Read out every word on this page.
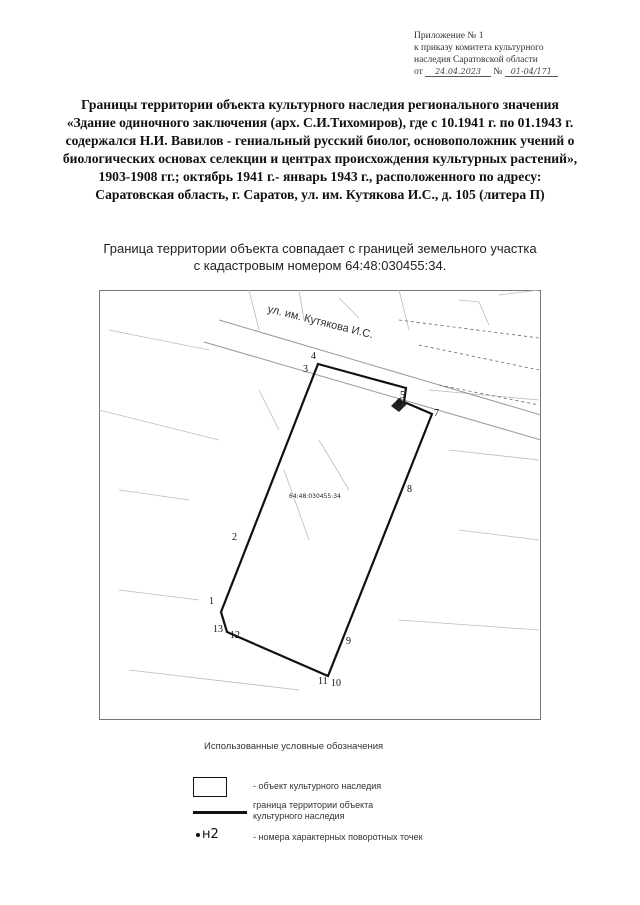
Приложение № 1
к приказу комитета культурного
наследия Саратовской области
от 24.04.2023 № 01-04/171
Границы территории объекта культурного наследия регионального значения «Здание одиночного заключения (арх. С.И.Тихомиров), где с 10.1941 г. по 01.1943 г. содержался Н.И. Вавилов - гениальный русский биолог, основоположник учений о биологических основах селекции и центрах происхождения культурных растений», 1903-1908 гг.; октябрь 1941 г.- январь 1943 г., расположенного по адресу: Саратовская область, г. Саратов, ул. им. Кутякова И.С., д. 105 (литера П)
Граница территории объекта совпадает с границей земельного участка
с кадастровым номером 64:48:030455:34.
ул. им. Кутякова И.С.
64:48:030455:34
1
2
3
4
5
6
7
8
9
10
11
12
13
Использованные условные обозначения
- объект культурного наследия
граница территории объекта
культурного наследия
н2	- номера характерных поворотных точек
